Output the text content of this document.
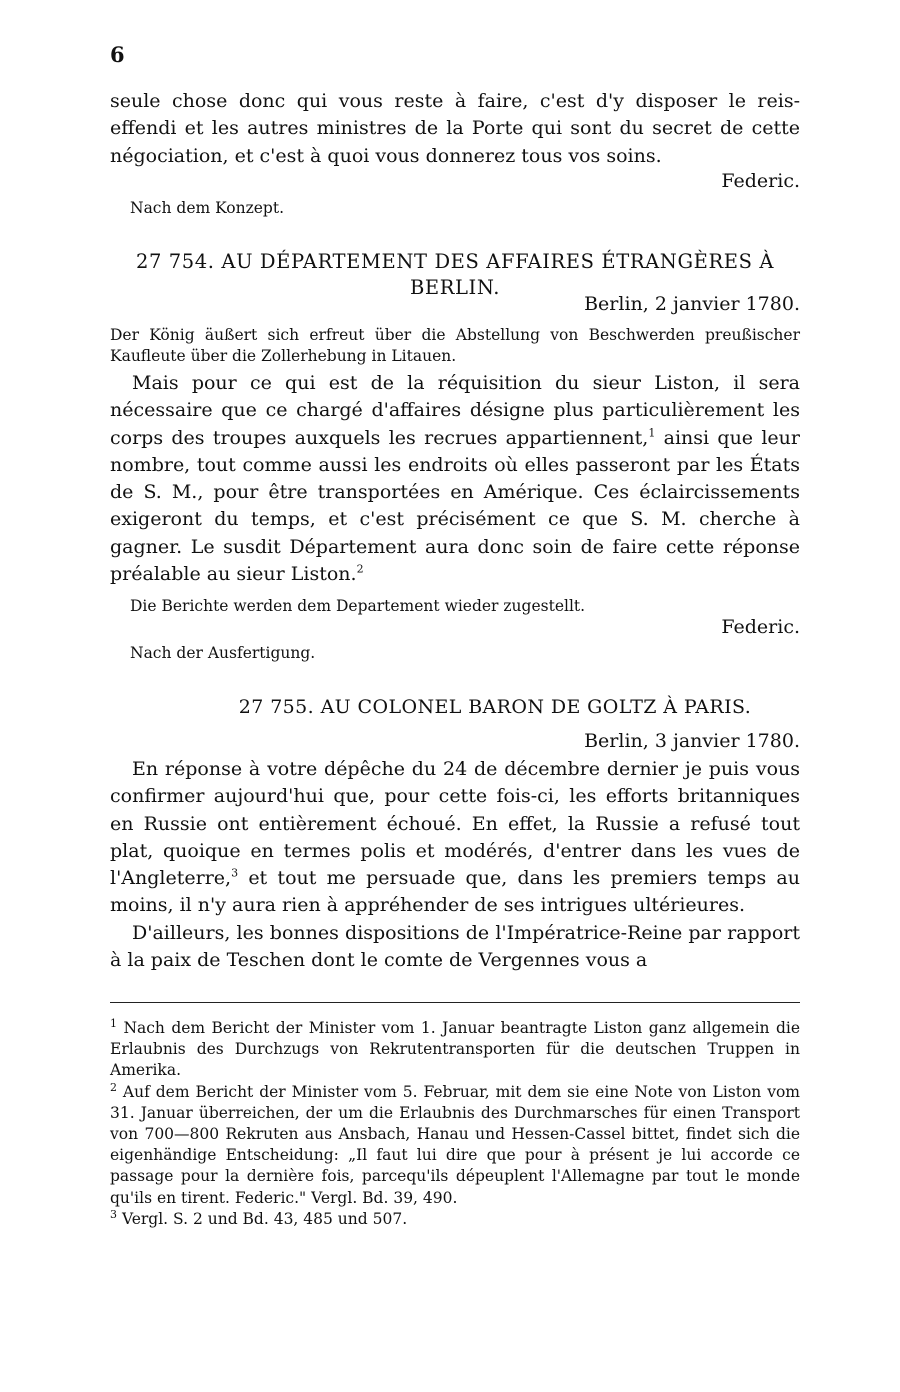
6

seule chose donc qui vous reste à faire, c'est d'y disposer le reis-effendi et les autres ministres de la Porte qui sont du secret de cette négociation, et c'est à quoi vous donnerez tous vos soins.

Federic.
Nach dem Konzept.
27 754. AU DÉPARTEMENT DES AFFAIRES ÉTRANGÈRES À
BERLIN.
Berlin, 2 janvier 1780.
Der König äußert sich erfreut über die Abstellung von Beschwerden preußischer Kaufleute über die Zollerhebung in Litauen.

Mais pour ce qui est de la réquisition du sieur Liston, il sera nécessaire que ce chargé d'affaires désigne plus particulièrement les corps des troupes auxquels les recrues appartiennent,$^1$ ainsi que leur nombre, tout comme aussi les endroits où elles passeront par les États de S. M., pour être transportées en Amérique. Ces éclaircissements exigeront du temps, et c'est précisément ce que S. M. cherche à gagner. Le susdit Département aura donc soin de faire cette réponse préalable au sieur Liston.$^2$

Die Berichte werden dem Departement wieder zugestellt.
Federic.
Nach der Ausfertigung.
27 755. AU COLONEL BARON DE GOLTZ À PARIS.
Berlin, 3 janvier 1780.

En réponse à votre dépêche du 24 de décembre dernier je puis vous confirmer aujourd'hui que, pour cette fois-ci, les efforts britanniques en Russie ont entièrement échoué. En effet, la Russie a refusé tout plat, quoique en termes polis et modérés, d'entrer dans les vues de l'Angleterre,$^3$ et tout me persuade que, dans les premiers temps au moins, il n'y aura rien à appréhender de ses intrigues ultérieures.

D'ailleurs, les bonnes dispositions de l'Impératrice-Reine par rapport à la paix de Teschen dont le comte de Vergennes vous a

$^1$ Nach dem Bericht der Minister vom 1. Januar beantragte Liston ganz allgemein die Erlaubnis des Durchzugs von Rekrutentransporten für die deutschen Truppen in Amerika.

$^2$ Auf dem Bericht der Minister vom 5. Februar, mit dem sie eine Note von Liston vom 31. Januar überreichen, der um die Erlaubnis des Durchmarsches für einen Transport von 700—800 Rekruten aus Ansbach, Hanau und Hessen-Cassel bittet, findet sich die eigenhändige Entscheidung: „Il faut lui dire que pour à présent je lui accorde ce passage pour la dernière fois, parcequ'ils dépeuplent l'Allemagne par tout le monde qu'ils en tirent. Federic." Vergl. Bd. 39, 490.

$^3$ Vergl. S. 2 und Bd. 43, 485 und 507.
